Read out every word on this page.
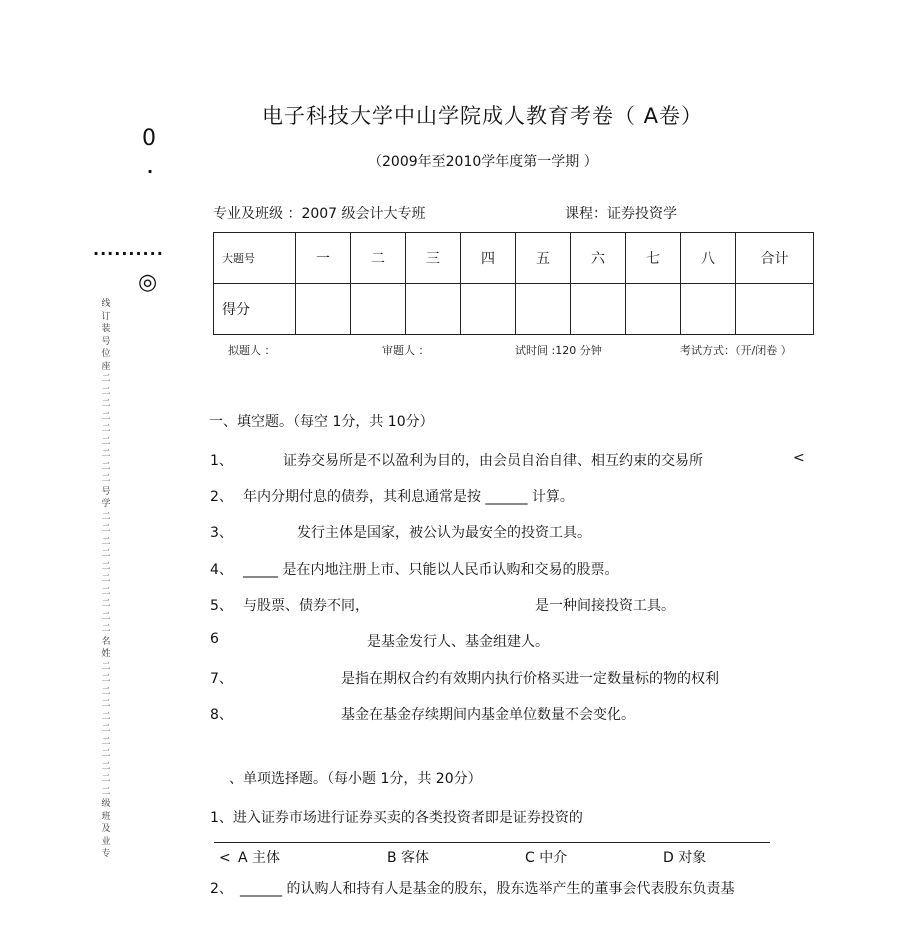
电子科技大学中山学院成人教育考卷（ A卷）
（2009年至2010学年度第一学期 ）
0
·
··········
◎
线订装号位座二二二二二二二二二号学二二二二二二二二二二名姓二二二二二二二二二二二级班及业专
专业及班级 ：2007 级会计大专班	课程：证券投资学
大题号	一	二	三	四	五	六	七	八	合计
得分									
拟题人 ：	审题人 ：	试时间 :120 分钟	考试方式：（开/闭卷 ）
一、填空题。（每空 1分，共 10分）
1、	证券交易所是不以盈利为目的，由会员自治自律、相互约束的交易所	<
2、 年内分期付息的债券，其利息通常是按 ______ 计算。
3、	发行主体是国家，被公认为最安全的投资工具。
4、 _____ 是在内地注册上市、只能以人民币认购和交易的股票。
5、 与股票、债券不同，	是一种间接投资工具。
6	是基金发行人、基金组建人。
7、	是指在期权合约有效期内执行价格买进一定数量标的物的权利
8、	基金在基金存续期间内基金单位数量不会变化。
、单项选择题。（每小题 1分，共 20分）
1、进入证券市场进行证券买卖的各类投资者即是证券投资的
< A 主体	B 客体	C 中介	D 对象
2、 ______ 的认购人和持有人是基金的股东，股东选举产生的董事会代表股东负责基
